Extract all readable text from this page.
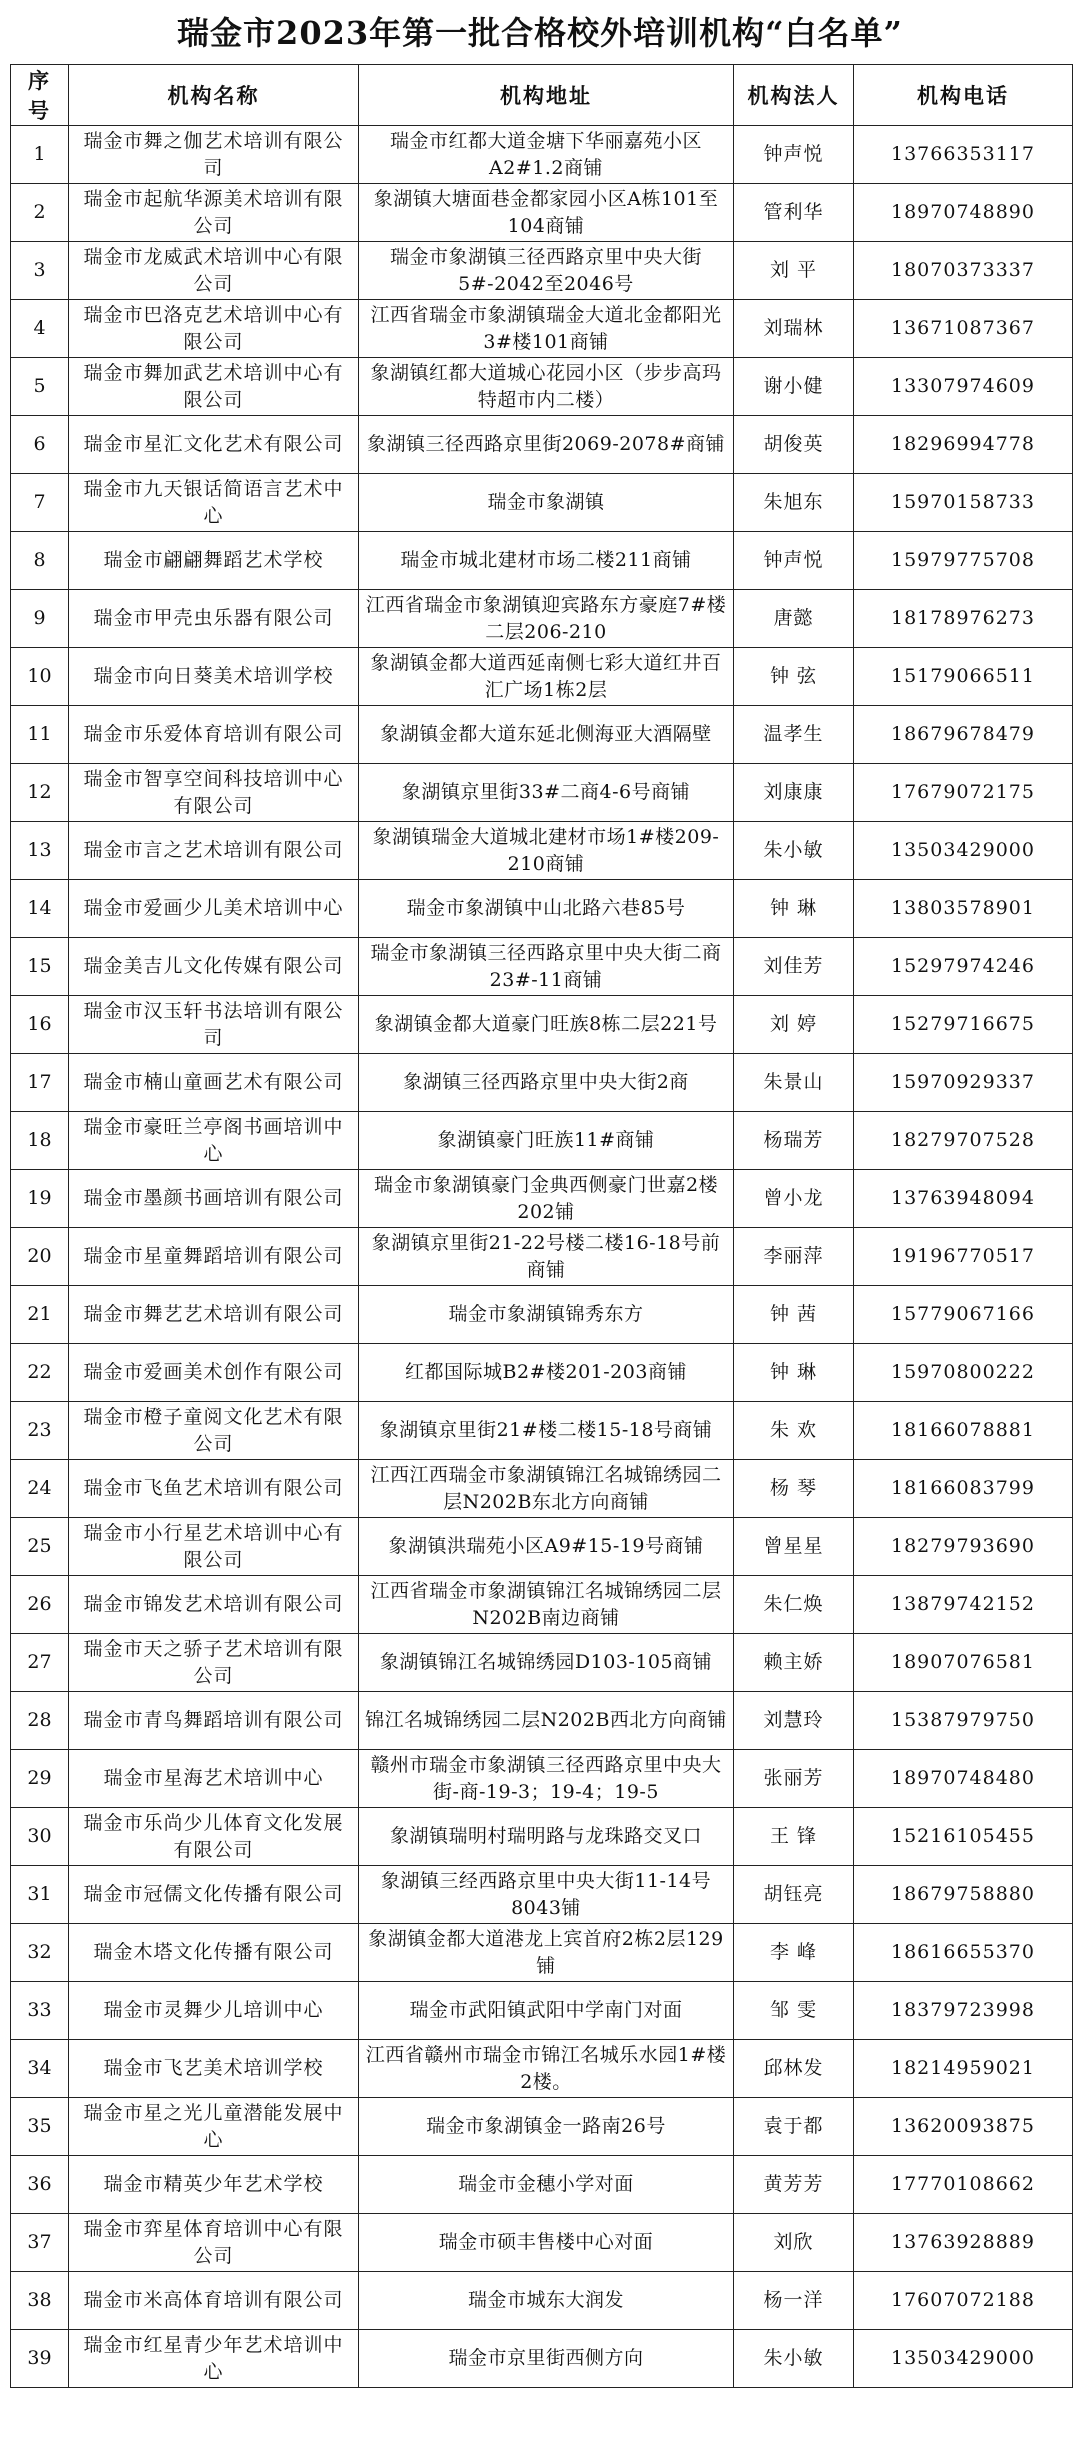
瑞金市2023年第一批合格校外培训机构“白名单”
序号	机构名称	机构地址	机构法人	机构电话
1	瑞金市舞之伽艺术培训有限公司	瑞金市红都大道金塘下华丽嘉苑小区A2#1.2商铺	钟声悦	13766353117
2	瑞金市起航华源美术培训有限公司	象湖镇大塘面巷金都家园小区A栋101至104商铺	管利华	18970748890
3	瑞金市龙威武术培训中心有限公司	瑞金市象湖镇三径西路京里中央大街5#-2042至2046号	刘 平	18070373337
4	瑞金市巴洛克艺术培训中心有限公司	江西省瑞金市象湖镇瑞金大道北金都阳光3#楼101商铺	刘瑞林	13671087367
5	瑞金市舞加武艺术培训中心有限公司	象湖镇红都大道城心花园小区（步步高玛特超市内二楼）	谢小健	13307974609
6	瑞金市星汇文化艺术有限公司	象湖镇三径西路京里街2069-2078#商铺	胡俊英	18296994778
7	瑞金市九天银话简语言艺术中心	瑞金市象湖镇	朱旭东	15970158733
8	瑞金市翩翩舞蹈艺术学校	瑞金市城北建材市场二楼211商铺	钟声悦	15979775708
9	瑞金市甲壳虫乐器有限公司	江西省瑞金市象湖镇迎宾路东方豪庭7#楼二层206-210	唐懿	18178976273
10	瑞金市向日葵美术培训学校	象湖镇金都大道西延南侧七彩大道红井百汇广场1栋2层	钟 弦	15179066511
11	瑞金市乐爱体育培训有限公司	象湖镇金都大道东延北侧海亚大酒隔壁	温孝生	18679678479
12	瑞金市智享空间科技培训中心有限公司	象湖镇京里街33#二商4-6号商铺	刘康康	17679072175
13	瑞金市言之艺术培训有限公司	象湖镇瑞金大道城北建材市场1#楼209-210商铺	朱小敏	13503429000
14	瑞金市爱画少儿美术培训中心	瑞金市象湖镇中山北路六巷85号	钟 琳	13803578901
15	瑞金美吉儿文化传媒有限公司	瑞金市象湖镇三径西路京里中央大街二商23#-11商铺	刘佳芳	15297974246
16	瑞金市汉玉轩书法培训有限公司	象湖镇金都大道豪门旺族8栋二层221号	刘 婷	15279716675
17	瑞金市楠山童画艺术有限公司	象湖镇三径西路京里中央大街2商	朱景山	15970929337
18	瑞金市豪旺兰亭阁书画培训中心	象湖镇豪门旺族11#商铺	杨瑞芳	18279707528
19	瑞金市墨颜书画培训有限公司	瑞金市象湖镇豪门金典西侧豪门世嘉2楼202铺	曾小龙	13763948094
20	瑞金市星童舞蹈培训有限公司	象湖镇京里街21-22号楼二楼16-18号前商铺	李丽萍	19196770517
21	瑞金市舞艺艺术培训有限公司	瑞金市象湖镇锦秀东方	钟 茜	15779067166
22	瑞金市爱画美术创作有限公司	红都国际城B2#楼201-203商铺	钟 琳	15970800222
23	瑞金市橙子童阅文化艺术有限公司	象湖镇京里街21#楼二楼15-18号商铺	朱 欢	18166078881
24	瑞金市飞鱼艺术培训有限公司	江西江西瑞金市象湖镇锦江名城锦绣园二层N202B东北方向商铺	杨 琴	18166083799
25	瑞金市小行星艺术培训中心有限公司	象湖镇洪瑞苑小区A9#15-19号商铺	曾星星	18279793690
26	瑞金市锦发艺术培训有限公司	江西省瑞金市象湖镇锦江名城锦绣园二层N202B南边商铺	朱仁焕	13879742152
27	瑞金市天之骄子艺术培训有限公司	象湖镇锦江名城锦绣园D103-105商铺	赖主娇	18907076581
28	瑞金市青鸟舞蹈培训有限公司	锦江名城锦绣园二层N202B西北方向商铺	刘慧玲	15387979750
29	瑞金市星海艺术培训中心	赣州市瑞金市象湖镇三径西路京里中央大街-商-19-3；19-4；19-5	张丽芳	18970748480
30	瑞金市乐尚少儿体育文化发展有限公司	象湖镇瑞明村瑞明路与龙珠路交叉口	王 锋	15216105455
31	瑞金市冠儒文化传播有限公司	象湖镇三经西路京里中央大街11-14号8043铺	胡钰亮	18679758880
32	瑞金木塔文化传播有限公司	象湖镇金都大道港龙上宾首府2栋2层129铺	李 峰	18616655370
33	瑞金市灵舞少儿培训中心	瑞金市武阳镇武阳中学南门对面	邹 雯	18379723998
34	瑞金市飞艺美术培训学校	江西省赣州市瑞金市锦江名城乐水园1#楼2楼。	邱林发	18214959021
35	瑞金市星之光儿童潜能发展中心	瑞金市象湖镇金一路南26号	袁于都	13620093875
36	瑞金市精英少年艺术学校	瑞金市金穗小学对面	黄芳芳	17770108662
37	瑞金市弈星体育培训中心有限公司	瑞金市硕丰售楼中心对面	刘欣	13763928889
38	瑞金市米高体育培训有限公司	瑞金市城东大润发	杨一洋	17607072188
39	瑞金市红星青少年艺术培训中心	瑞金市京里街西侧方向	朱小敏	13503429000
